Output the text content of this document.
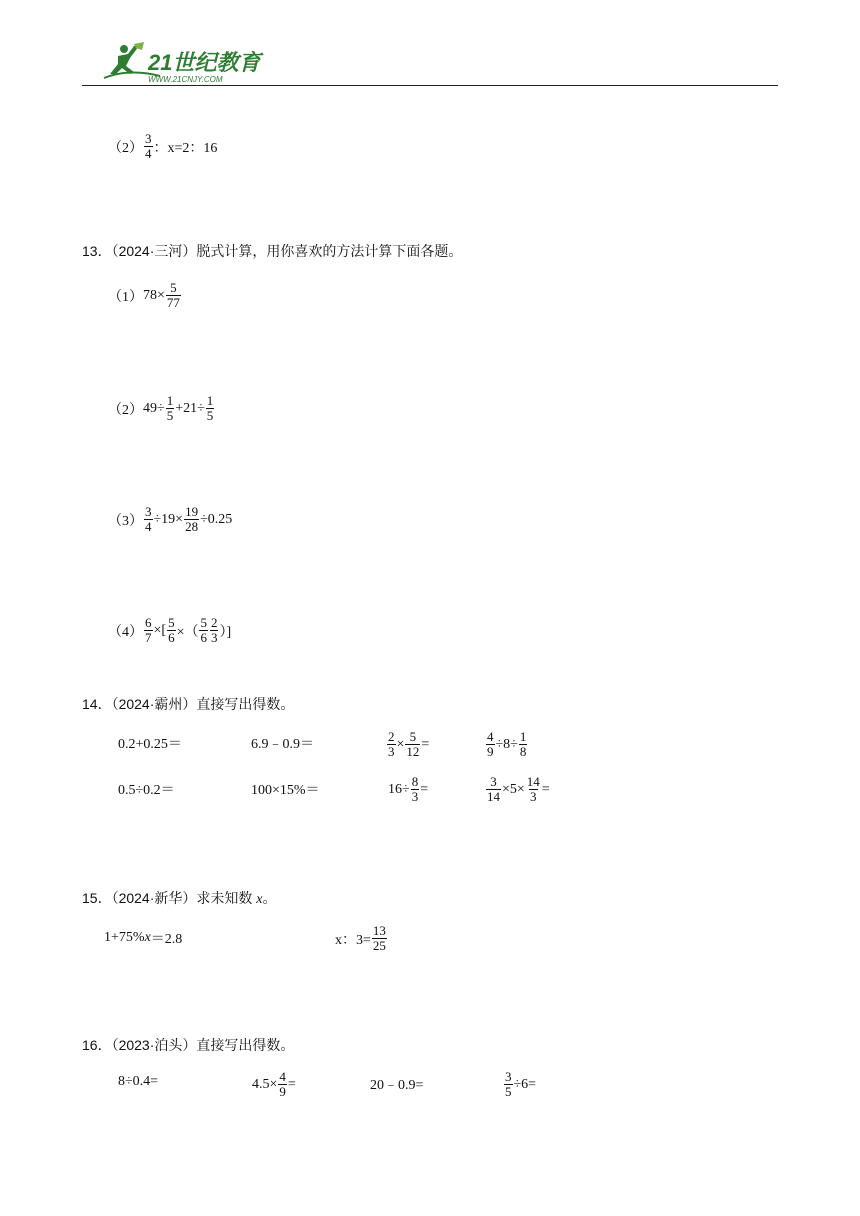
21世纪教育
WWW.21CNJY.COM
$(2) \frac{3}{4}$ ：x=2：16
13．（2024·三河）脱式计算，用你喜欢的方法计算下面各题。
（1） $78\times \frac{5}{77}$
（2） $49\div \frac{1}{5} +21\div \frac{1}{5}$
$(3) \frac{3}{4} \div 19\times \frac{19}{28} \div 0.25$
$(4) \frac{6}{7}$ ×[ $\frac{5}{6}$ ×（ $\frac{5}{6} \frac{2}{3}$ ）]
14．（2024·霸州）直接写出得数。
0.2+0.25＝	6.9﹣0.9＝	$\frac{2}{3} \times \frac{5}{12}$ =	$\frac{4}{9} \div 8\div \frac{1}{8}$
0.5÷0.2＝	100×15%＝	$16\div \frac{8}{3}$ =	$\frac{3}{14} \times 5\times \frac{14}{3}$ =
15．（2024·新华）求未知数 x。
1+75% x ＝2.8	x：$3= \frac{13}{25}$
16．（2023·泊头）直接写出得数。
8÷0.4=	$4.5\times \frac{4}{9}$ =	20﹣0.9=	$\frac{3}{5} \div 6=$
